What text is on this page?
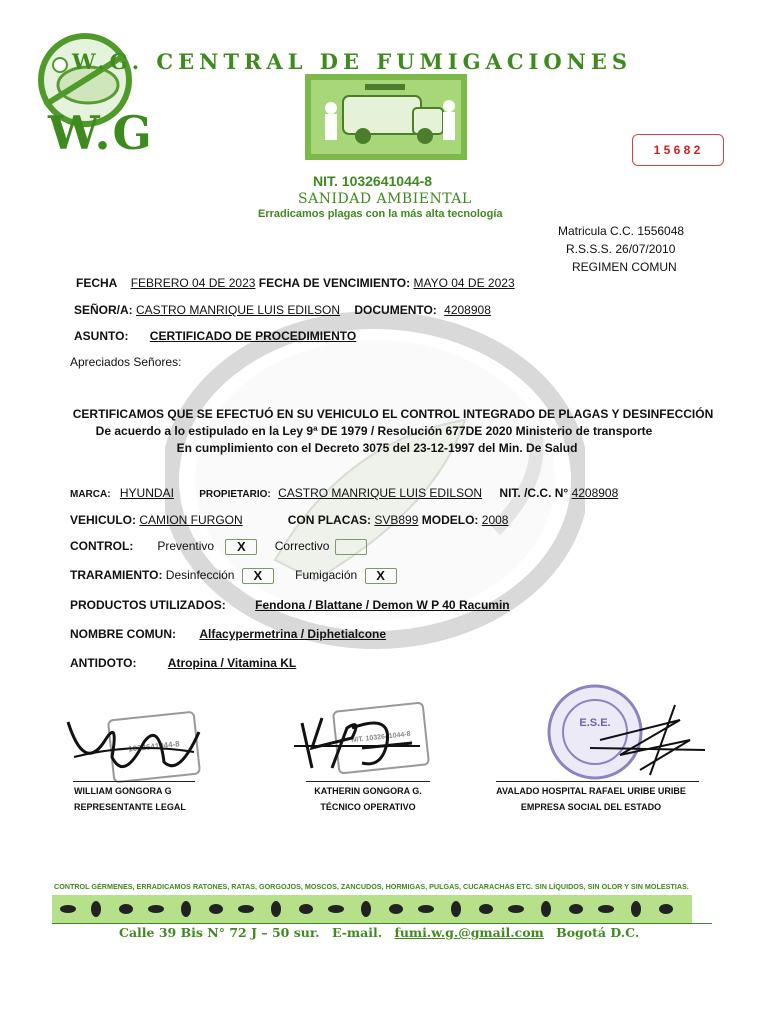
W.G
W.G. CENTRAL DE FUMIGACIONES
1 5 6 8 2
NIT. 1032641044-8
SANIDAD AMBIENTAL
Erradicamos plagas con la más alta tecnología
Matricula C.C. 1556048
R.S.S.S. 26/07/2010
REGIMEN COMUN
FECHA FEBRERO 04 DE 2023 FECHA DE VENCIMIENTO: MAYO 04 DE 2023
SEÑOR/A: CASTRO MANRIQUE LUIS EDILSON DOCUMENTO: 4208908
ASUNTO: CERTIFICADO DE PROCEDIMIENTO
Apreciados Señores:
CERTIFICAMOS QUE SE EFECTUÓ EN SU VEHICULO EL CONTROL INTEGRADO DE PLAGAS Y DESINFECCIÓN
De acuerdo a lo estipulado en la Ley 9ª DE 1979 / Resolución 677DE 2020 Ministerio de transporte
En cumplimiento con el Decreto 3075 del 23-12-1997 del Min. De Salud
MARCA: HYUNDAI	PROPIETARIO: CASTRO MANRIQUE LUIS EDILSON NIT. /C.C. N° 4208908
VEHICULO: CAMION FURGON	CON PLACAS: SVB899 MODELO: 2008
CONTROL: Preventivo X Correctivo
TRARAMIENTO: Desinfección X	Fumigación X
PRODUCTOS UTILIZADOS: Fendona / Blattane / Demon W P 40 Racumin
NOMBRE COMUN: Alfacypermetrina / Diphetialcone
ANTIDOTO:	Atropina / Vitamina KL
1032641044-8
WILLIAM GONGORA G
REPRESENTANTE LEGAL
NIT. 1032641044-8
KATHERIN GONGORA G.
TÉCNICO OPERATIVO
E.S.E.
AVALADO HOSPITAL RAFAEL URIBE URIBE
EMPRESA SOCIAL DEL ESTADO
CONTROL GÉRMENES, ERRADICAMOS RATONES, RATAS, GORGOJOS, MOSCOS, ZANCUDOS, HORMIGAS, PULGAS, CUCARACHAS ETC. SIN LÍQUIDOS, SIN OLOR Y SIN MOLESTIAS.
Calle 39 Bis N° 72 J – 50 sur. E-mail. fumi.w.g.@gmail.com Bogotá D.C.
